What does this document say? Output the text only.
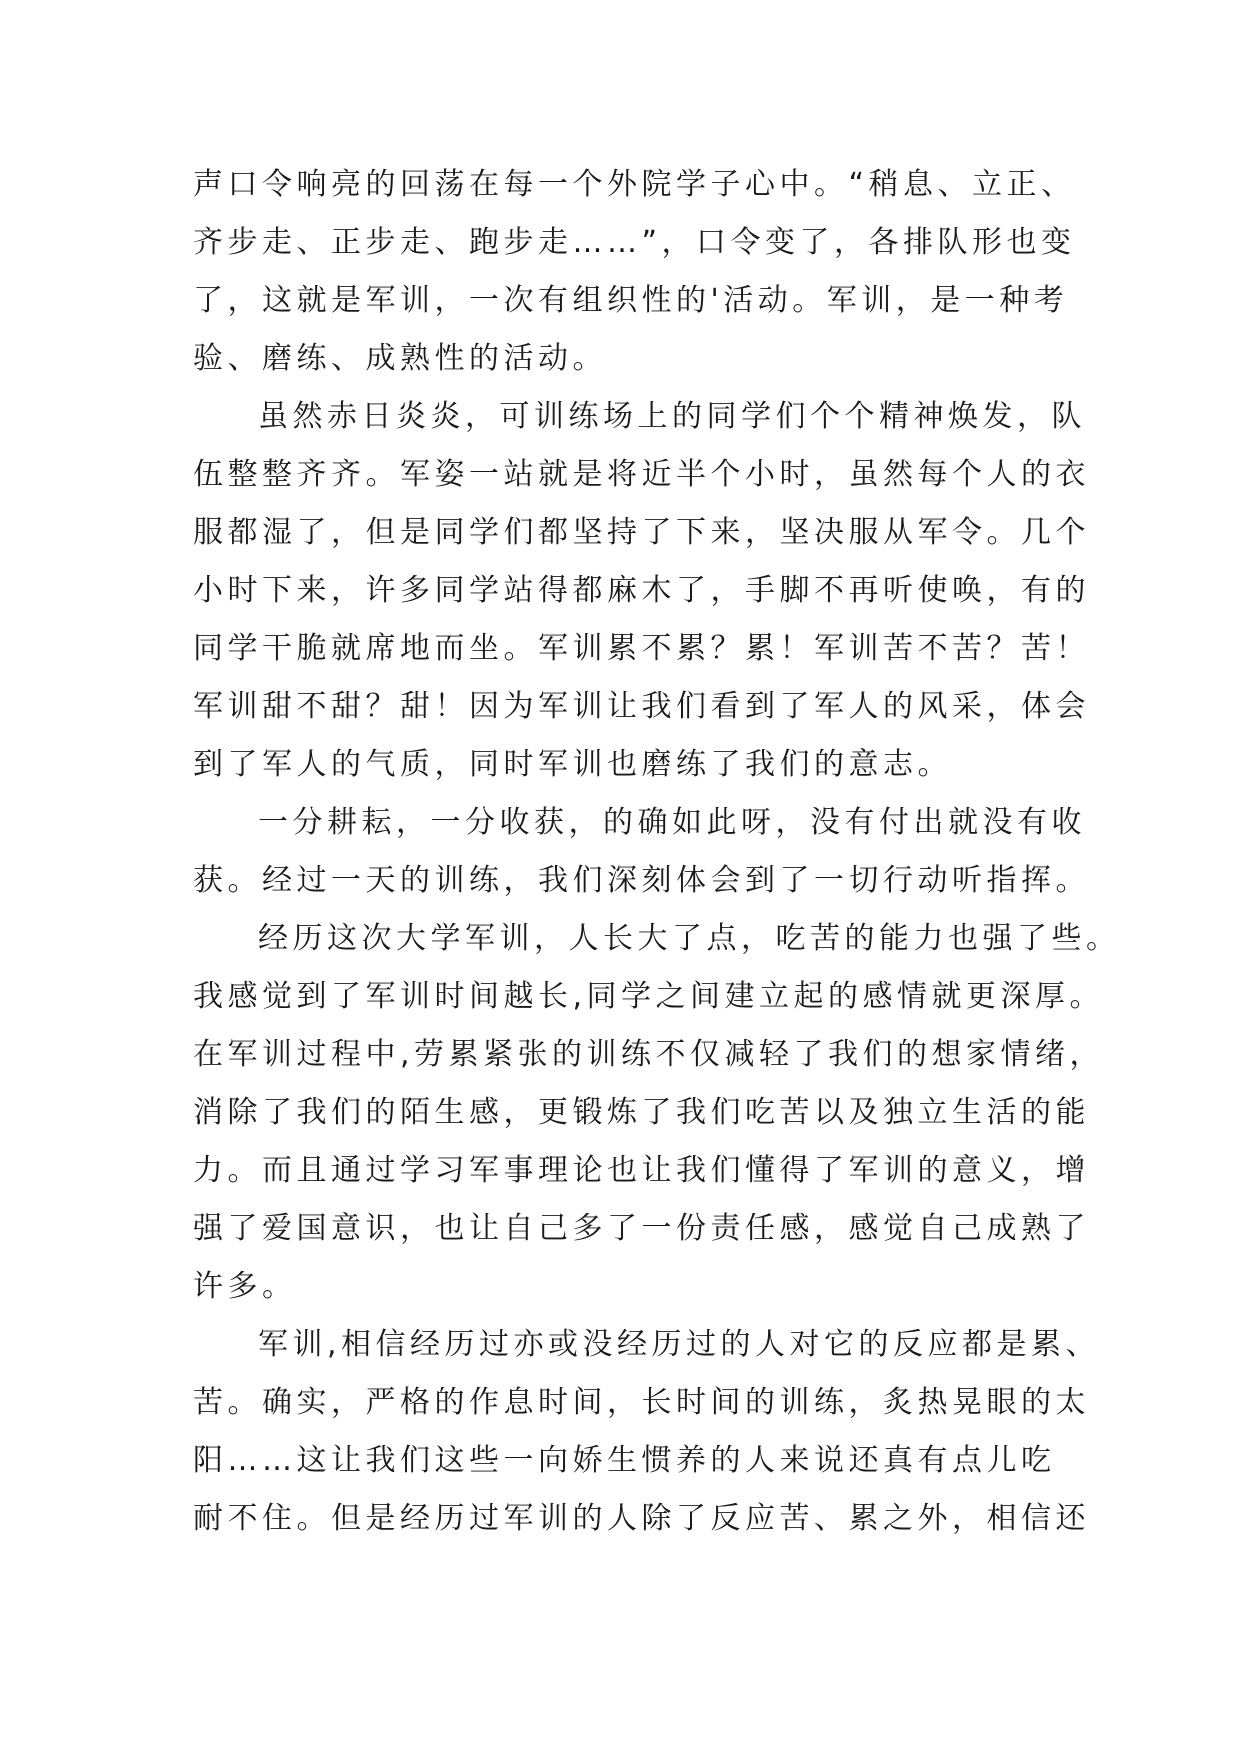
声口令响亮的回荡在每一个外院学子心中。“稍息、立正、
齐步走、正步走、跑步走……”，口令变了，各排队形也变
了，这就是军训，一次有组织性的'活动。军训，是一种考
验、磨练、成熟性的活动。
虽然赤日炎炎，可训练场上的同学们个个精神焕发，队
伍整整齐齐。军姿一站就是将近半个小时，虽然每个人的衣
服都湿了，但是同学们都坚持了下来，坚决服从军令。几个
小时下来，许多同学站得都麻木了，手脚不再听使唤，有的
同学干脆就席地而坐。军训累不累？累！军训苦不苦？苦！
军训甜不甜？甜！因为军训让我们看到了军人的风采，体会
到了军人的气质，同时军训也磨练了我们的意志。
一分耕耘，一分收获，的确如此呀，没有付出就没有收
获。经过一天的训练，我们深刻体会到了一切行动听指挥。
经历这次大学军训，人长大了点，吃苦的能力也强了些。
我感觉到了军训时间越长,同学之间建立起的感情就更深厚。
在军训过程中,劳累紧张的训练不仅减轻了我们的想家情绪，
消除了我们的陌生感，更锻炼了我们吃苦以及独立生活的能
力。而且通过学习军事理论也让我们懂得了军训的意义，增
强了爱国意识，也让自己多了一份责任感，感觉自己成熟了
许多。
军训,相信经历过亦或没经历过的人对它的反应都是累、
苦。确实，严格的作息时间，长时间的训练，炙热晃眼的太
阳……这让我们这些一向娇生惯养的人来说还真有点儿吃
耐不住。但是经历过军训的人除了反应苦、累之外，相信还
